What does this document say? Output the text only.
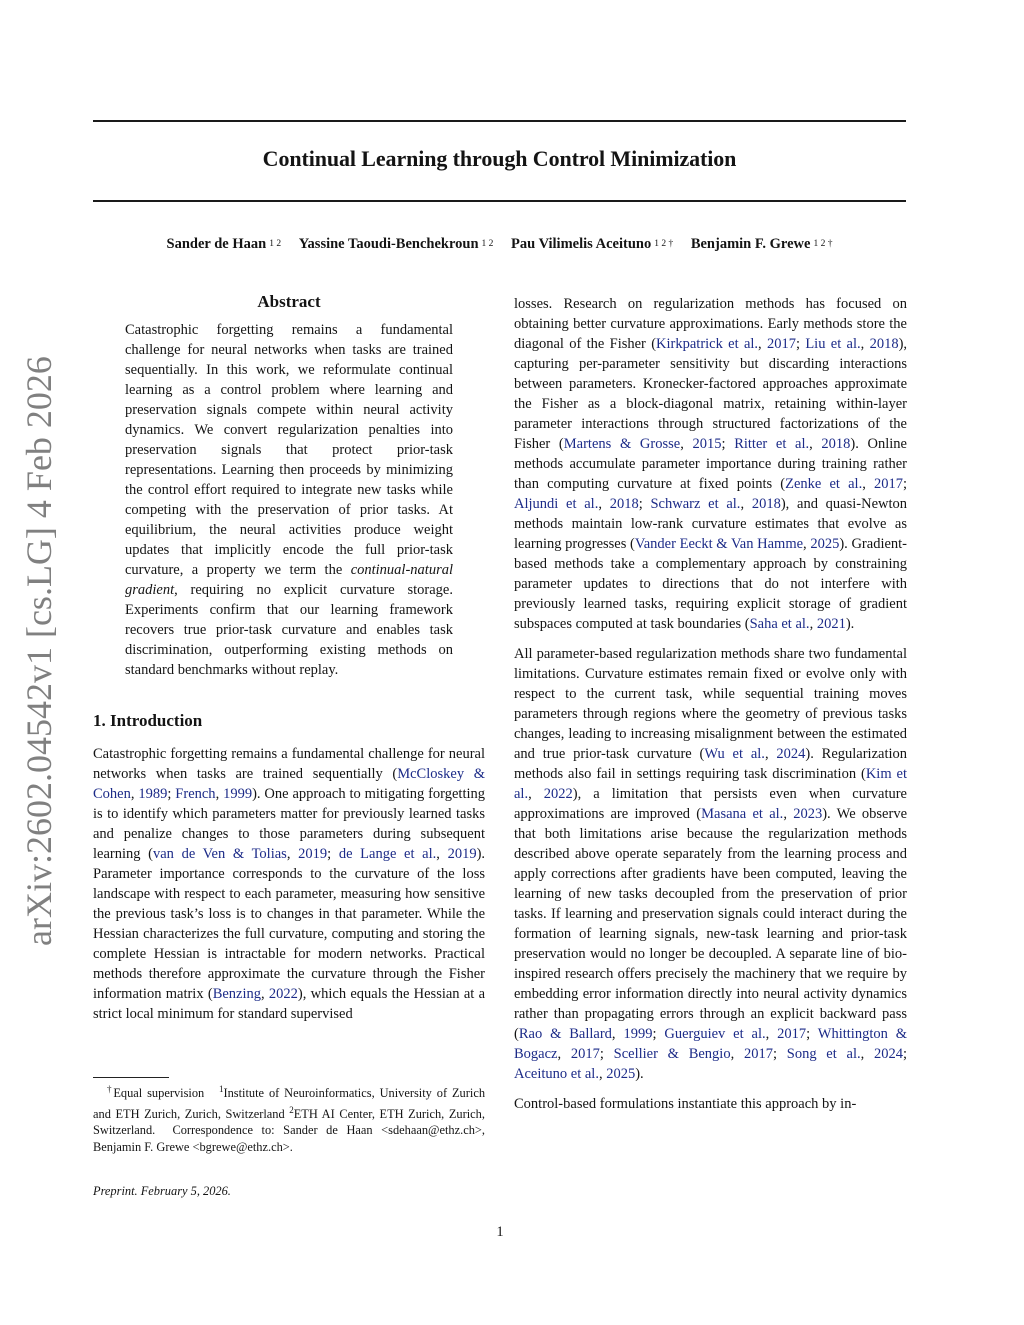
Continual Learning through Control Minimization
Sander de Haan $^{1 2}$ Yassine Taoudi-Benchekroun $^{1 2}$ Pau Vilimelis Aceituno $^{1 2 \dagger}$ Benjamin F. Grewe $^{1 2 \dagger}$
arXiv:2602.04542v1 [cs.LG] 4 Feb 2026
Abstract

Catastrophic forgetting remains a fundamental challenge for neural networks when tasks are trained sequentially. In this work, we reformulate continual learning as a control problem where learning and preservation signals compete within neural activity dynamics. We convert regularization penalties into preservation signals that protect prior-task representations. Learning then proceeds by minimizing the control effort required to integrate new tasks while competing with the preservation of prior tasks. At equilibrium, the neural activities produce weight updates that implicitly encode the full prior-task curvature, a property we term the continual-natural gradient, requiring no explicit curvature storage. Experiments confirm that our learning framework recovers true prior-task curvature and enables task discrimination, outperforming existing methods on standard benchmarks without replay.

1. Introduction

Catastrophic forgetting remains a fundamental challenge for neural networks when tasks are trained sequentially (McCloskey & Cohen, 1989; French, 1999). One approach to mitigating forgetting is to identify which parameters matter for previously learned tasks and penalize changes to those parameters during subsequent learning (van de Ven & Tolias, 2019; de Lange et al., 2019). Parameter importance corresponds to the curvature of the loss landscape with respect to each parameter, measuring how sensitive the previous task’s loss is to changes in that parameter. While the Hessian characterizes the full curvature, computing and storing the complete Hessian is intractable for modern networks. Practical methods therefore approximate the curvature through the Fisher information matrix (Benzing, 2022), which equals the Hessian at a strict local minimum for standard supervised

losses. Research on regularization methods has focused on obtaining better curvature approximations. Early methods store the diagonal of the Fisher (Kirkpatrick et al., 2017; Liu et al., 2018), capturing per-parameter sensitivity but discarding interactions between parameters. Kronecker-factored approaches approximate the Fisher as a block-diagonal matrix, retaining within-layer parameter interactions through structured factorizations of the Fisher (Martens & Grosse, 2015; Ritter et al., 2018). Online methods accumulate parameter importance during training rather than computing curvature at fixed points (Zenke et al., 2017; Aljundi et al., 2018; Schwarz et al., 2018), and quasi-Newton methods maintain low-rank curvature estimates that evolve as learning progresses (Vander Eeckt & Van Hamme, 2025). Gradient-based methods take a complementary approach by constraining parameter updates to directions that do not interfere with previously learned tasks, requiring explicit storage of gradient subspaces computed at task boundaries (Saha et al., 2021).

All parameter-based regularization methods share two fundamental limitations. Curvature estimates remain fixed or evolve only with respect to the current task, while sequential training moves parameters through regions where the geometry of previous tasks changes, leading to increasing misalignment between the estimated and true prior-task curvature (Wu et al., 2024). Regularization methods also fail in settings requiring task discrimination (Kim et al., 2022), a limitation that persists even when curvature approximations are improved (Masana et al., 2023). We observe that both limitations arise because the regularization methods described above operate separately from the learning process and apply corrections after gradients have been computed, leaving the learning of new tasks decoupled from the preservation of prior tasks. If learning and preservation signals could interact during the formation of learning signals, new-task learning and prior-task preservation would no longer be decoupled. A separate line of bio-inspired research offers precisely the machinery that we require by embedding error information directly into neural activity dynamics rather than propagating errors through an explicit backward pass (Rao & Ballard, 1999; Guerguiev et al., 2017; Whittington & Bogacz, 2017; Scellier & Bengio, 2017; Song et al., 2024; Aceituno et al., 2025).

Control-based formulations instantiate this approach by in-

†Equal supervision $^1$Institute of Neuroinformatics, University of Zurich and ETH Zurich, Zurich, Switzerland $^2$ETH AI Center, ETH Zurich, Zurich, Switzerland. Correspondence to: Sander de Haan <sdehaan@ethz.ch>, Benjamin F. Grewe <bgrewe@ethz.ch>.
Preprint. February 5, 2026.
1
